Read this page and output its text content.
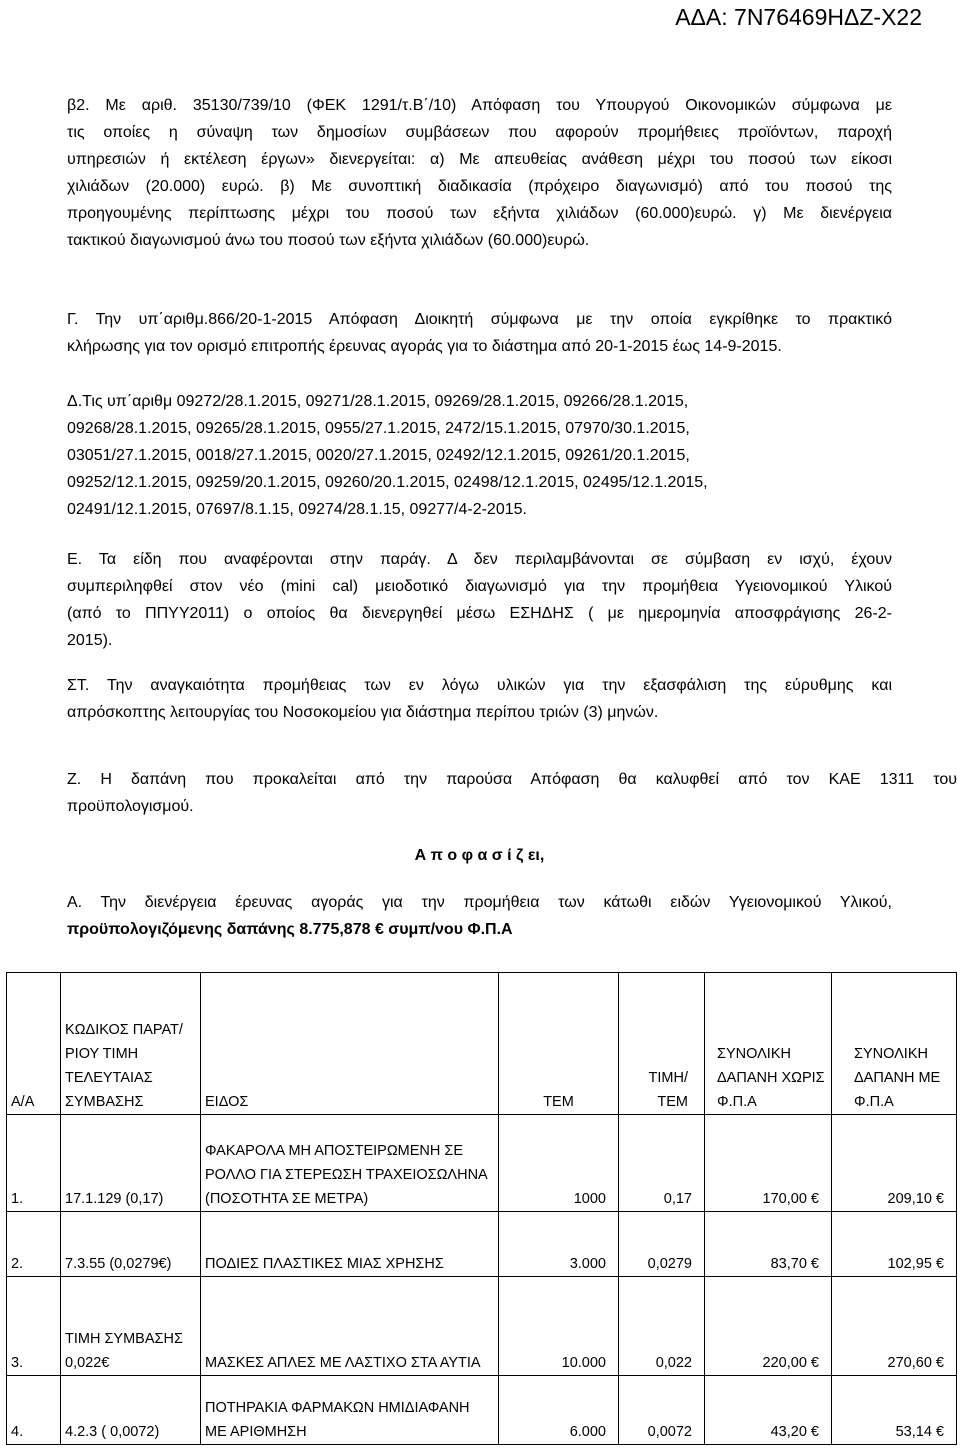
ΑΔΑ: 7Ν76469ΗΔΖ-Χ22
β2. Με αριθ. 35130/739/10 (ΦΕΚ 1291/τ.Β΄/10) Απόφαση του Υπουργού Οικονομικών σύμφωνα με
τις οποίες η σύναψη των δημοσίων συμβάσεων που αφορούν προμήθειες προϊόντων, παροχή
υπηρεσιών ή εκτέλεση έργων» διενεργείται: α) Με απευθείας ανάθεση μέχρι του ποσού των είκοσι
χιλιάδων (20.000) ευρώ. β) Με συνοπτική διαδικασία (πρόχειρο διαγωνισμό) από του ποσού της
προηγουμένης περίπτωσης μέχρι του ποσού των εξήντα χιλιάδων (60.000)ευρώ. γ) Με διενέργεια
τακτικού διαγωνισμού άνω του ποσού των εξήντα χιλιάδων (60.000)ευρώ.
Γ. Την υπ΄αριθμ.866/20-1-2015 Απόφαση Διοικητή σύμφωνα με την οποία εγκρίθηκε το πρακτικό
κλήρωσης για τον ορισμό επιτροπής έρευνας αγοράς για το διάστημα από 20-1-2015 έως 14-9-2015.
Δ.Τις υπ΄αριθμ 09272/28.1.2015, 09271/28.1.2015, 09269/28.1.2015, 09266/28.1.2015,
09268/28.1.2015, 09265/28.1.2015, 0955/27.1.2015, 2472/15.1.2015, 07970/30.1.2015,
03051/27.1.2015, 0018/27.1.2015, 0020/27.1.2015, 02492/12.1.2015, 09261/20.1.2015,
09252/12.1.2015, 09259/20.1.2015, 09260/20.1.2015, 02498/12.1.2015, 02495/12.1.2015,
02491/12.1.2015, 07697/8.1.15, 09274/28.1.15, 09277/4-2-2015.
Ε. Τα είδη που αναφέρονται στην παράγ. Δ δεν περιλαμβάνονται σε σύμβαση εν ισχύ, έχουν
συμπεριληφθεί στον νέο (mini cal) μειοδοτικό διαγωνισμό για την προμήθεια Υγειονομικού Υλικού
(από το ΠΠΥΥ2011) ο οποίος θα διενεργηθεί μέσω ΕΣΗΔΗΣ ( με ημερομηνία αποσφράγισης 26-2-
2015).
ΣΤ. Την αναγκαιότητα προμήθειας των εν λόγω υλικών για την εξασφάλιση της εύρυθμης και
απρόσκοπτης λειτουργίας του Νοσοκομείου για διάστημα περίπου τριών (3) μηνών.
Ζ. Η δαπάνη που προκαλείται από την παρούσα Απόφαση θα καλυφθεί από τον ΚΑΕ 1311 του
προϋπολογισμού.
Α π ο φ α σ ί ζ ει,
Α. Την διενέργεια έρευνας αγοράς για την προμήθεια των κάτωθι ειδών Υγειονομικού Υλικού,
προϋπολογιζόμενης δαπάνης 8.775,878 € συμπ/νου Φ.Π.Α
Α/Α	ΚΩΔΙΚΟΣ ΠΑΡΑΤ/ΡΙΟΥ ΤΙΜΗ ΤΕΛΕΥΤΑΙΑΣ ΣΥΜΒΑΣΗΣ	ΕΙΔΟΣ	ΤΕΜ	ΤΙΜΗ/ΤΕΜ	ΣΥΝΟΛΙΚΗ ΔΑΠΑΝΗ ΧΩΡΙΣ Φ.Π.Α	ΣΥΝΟΛΙΚΗ ΔΑΠΑΝΗ ΜΕ Φ.Π.Α
1.	17.1.129 (0,17)	ΦΑΚΑΡΟΛΑ ΜΗ ΑΠΟΣΤΕΙΡΩΜΕΝΗ ΣΕ ΡΟΛΛΟ ΓΙΑ ΣΤΕΡΕΩΣΗ ΤΡΑΧΕΙΟΣΩΛΗΝΑ (ΠΟΣΟΤΗΤΑ ΣΕ ΜΕΤΡΑ)	1000	0,17	170,00 €	209,10 €
2.	7.3.55 (0,0279€)	ΠΟΔΙΕΣ ΠΛΑΣΤΙΚΕΣ ΜΙΑΣ ΧΡΗΣΗΣ	3.000	0,0279	83,70 €	102,95 €
3.	ΤΙΜΗ ΣΥΜΒΑΣΗΣ 0,022€	ΜΑΣΚΕΣ ΑΠΛΕΣ ΜΕ ΛΑΣΤΙΧΟ ΣΤΑ ΑΥΤΙΑ	10.000	0,022	220,00 €	270,60 €
4.	4.2.3 ( 0,0072)	ΠΟΤΗΡΑΚΙΑ ΦΑΡΜΑΚΩΝ ΗΜΙΔΙΑΦΑΝΗ ΜΕ ΑΡΙΘΜΗΣΗ	6.000	0,0072	43,20 €	53,14 €
